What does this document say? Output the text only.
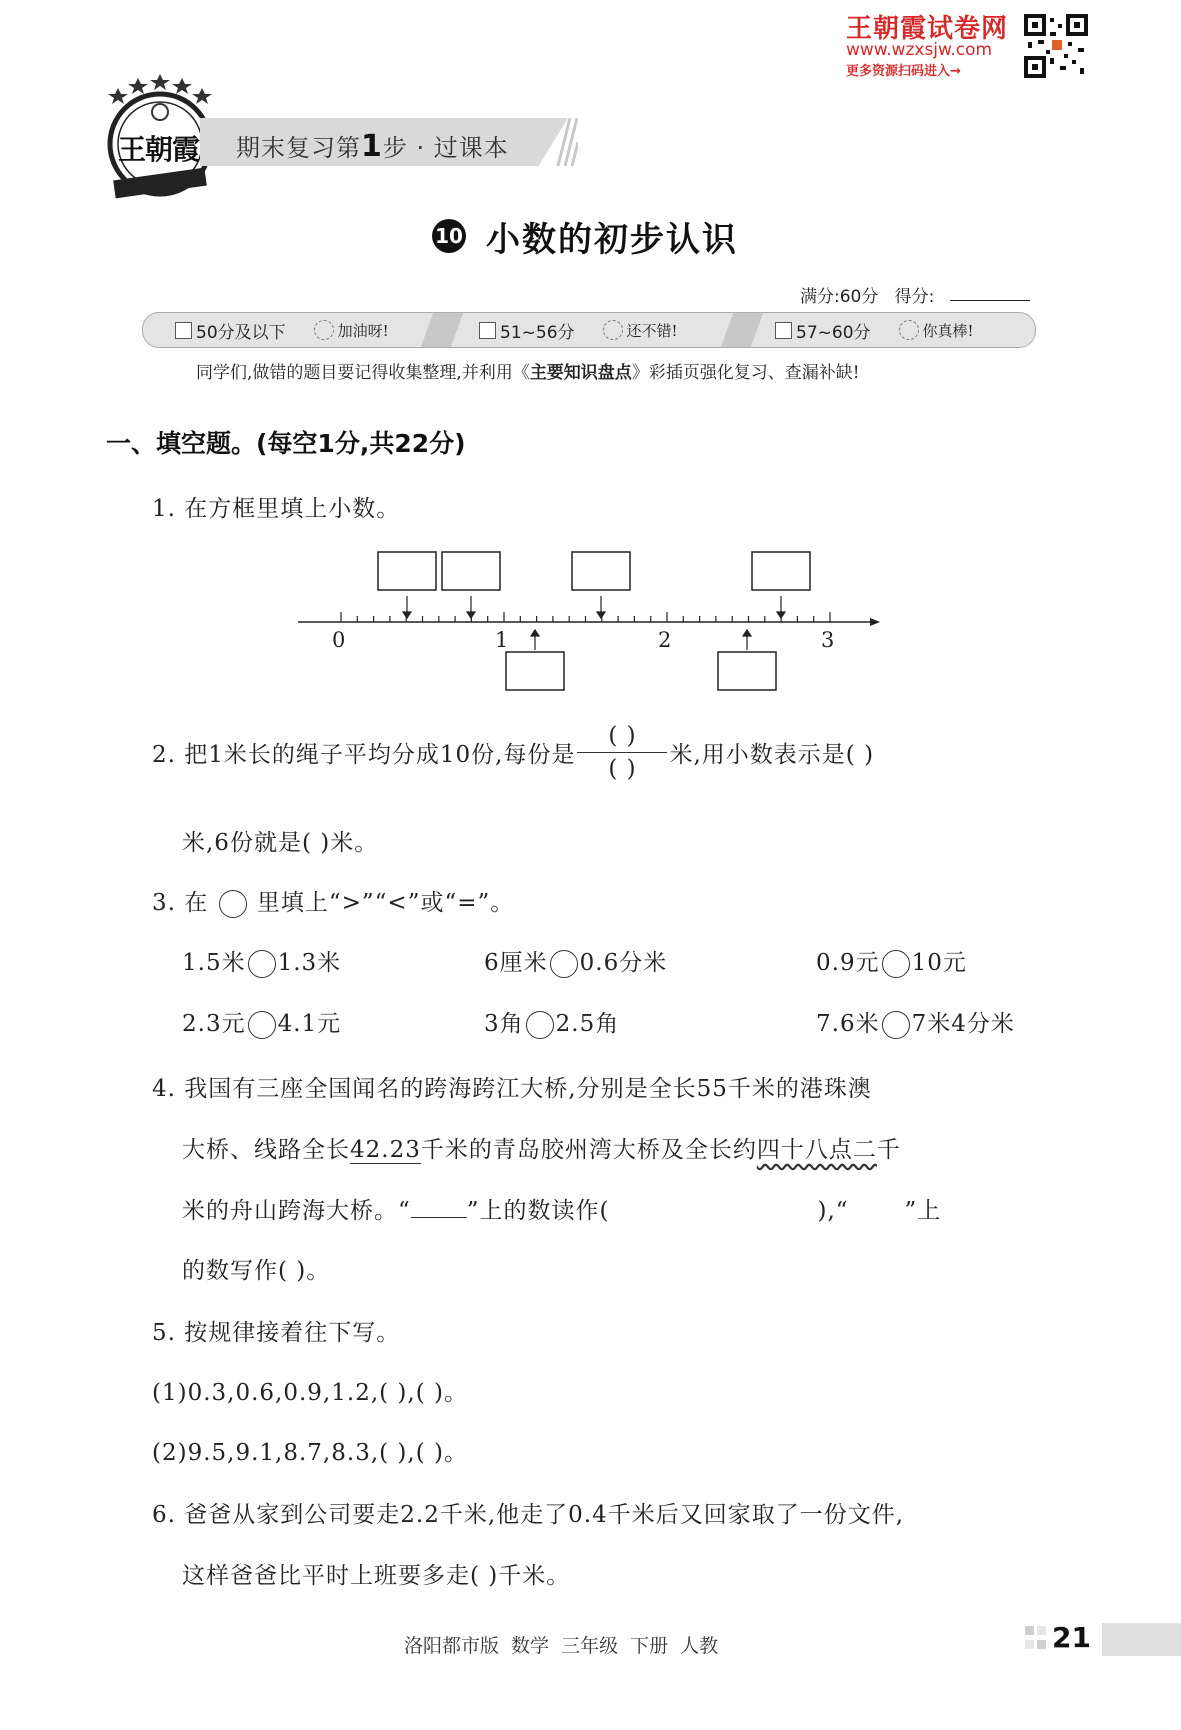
王朝霞试卷网
www.wzxsjw.com
更多资源扫码进入→
王朝霞 期末复习第1步 · 过课本
10 小数的初步认识
满分:60分 得分:
50分及以下	加油呀!	51~56分	还不错!	57~60分	你真棒!
同学们,做错的题目要记得收集整理,并利用《主要知识盘点》彩插页强化复习、查漏补缺!
一、填空题。(每空1分,共22分)
1. 在方框里填上小数。
0	1	2	3
2. 把1米长的绳子平均分成10份,每份是 $\frac{( )}{( )}$ 米,用小数表示是( )
米,6份就是( )米。
3. 在 里填上“>”“<”或“=”。
1.5米 1.3米	6厘米 0.6分米	0.9元 10元
2.3元 4.1元	3角 2.5角	7.6米 7米4分米
4. 我国有三座全国闻名的跨海跨江大桥,分别是全长55千米的港珠澳
大桥、线路全长42.23千米的青岛胶州湾大桥及全长约四十八点二千
米的舟山跨海大桥。“ ”上的数读作(	),“ ”上
的数写作( )。
5. 按规律接着往下写。
(1)0.3,0.6,0.9,1.2,( ),( )。
(2)9.5,9.1,8.7,8.3,( ),( )。
6. 爸爸从家到公司要走2.2千米,他走了0.4千米后又回家取了一份文件,
这样爸爸比平时上班要多走( )千米。
洛阳都市版 数学 三年级 下册 人教	21
